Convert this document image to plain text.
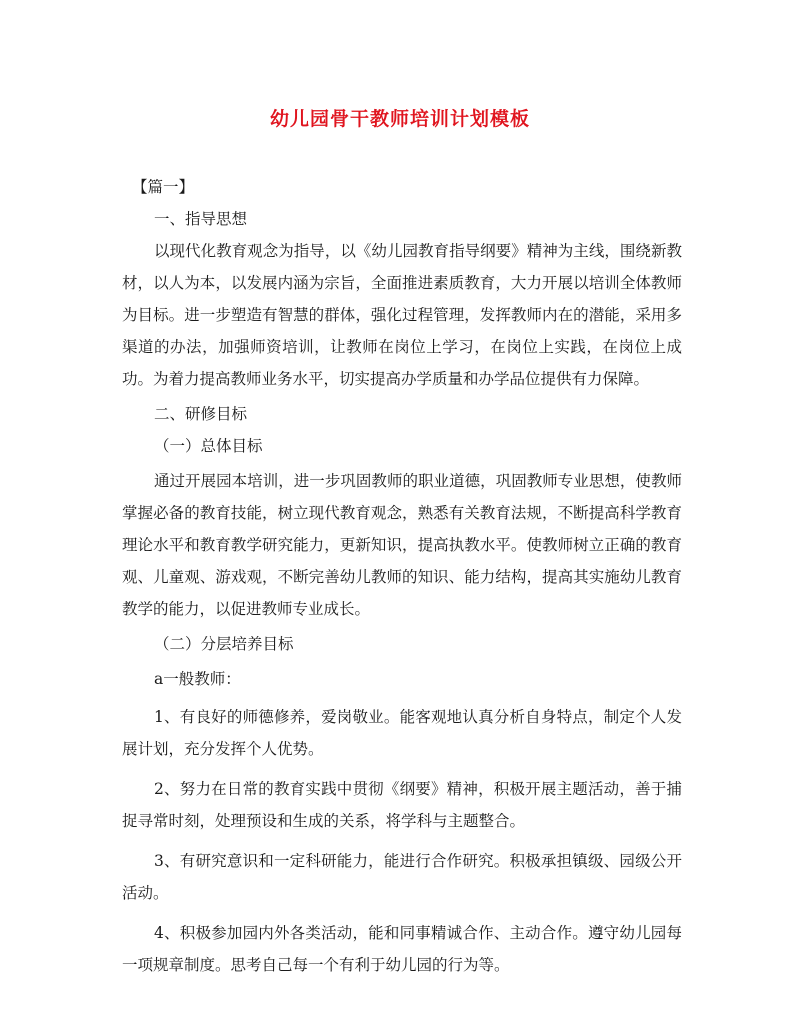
幼儿园骨干教师培训计划模板

【篇一】

一、指导思想

以现代化教育观念为指导，以《幼儿园教育指导纲要》精神为主线，围绕新教材，以人为本，以发展内涵为宗旨，全面推进素质教育，大力开展以培训全体教师为目标。进一步塑造有智慧的群体，强化过程管理，发挥教师内在的潜能，采用多渠道的办法，加强师资培训，让教师在岗位上学习，在岗位上实践，在岗位上成功。为着力提高教师业务水平，切实提高办学质量和办学品位提供有力保障。

二、研修目标

（一）总体目标

通过开展园本培训，进一步巩固教师的职业道德，巩固教师专业思想，使教师掌握必备的教育技能，树立现代教育观念，熟悉有关教育法规，不断提高科学教育理论水平和教育教学研究能力，更新知识，提高执教水平。使教师树立正确的教育观、儿童观、游戏观，不断完善幼儿教师的知识、能力结构，提高其实施幼儿教育教学的能力，以促进教师专业成长。

（二）分层培养目标

a一般教师：

1、有良好的师德修养，爱岗敬业。能客观地认真分析自身特点，制定个人发展计划，充分发挥个人优势。

2、努力在日常的教育实践中贯彻《纲要》精神，积极开展主题活动，善于捕捉寻常时刻，处理预设和生成的关系，将学科与主题整合。

3、有研究意识和一定科研能力，能进行合作研究。积极承担镇级、园级公开活动。

4、积极参加园内外各类活动，能和同事精诚合作、主动合作。遵守幼儿园每一项规章制度。思考自己每一个有利于幼儿园的行为等。
